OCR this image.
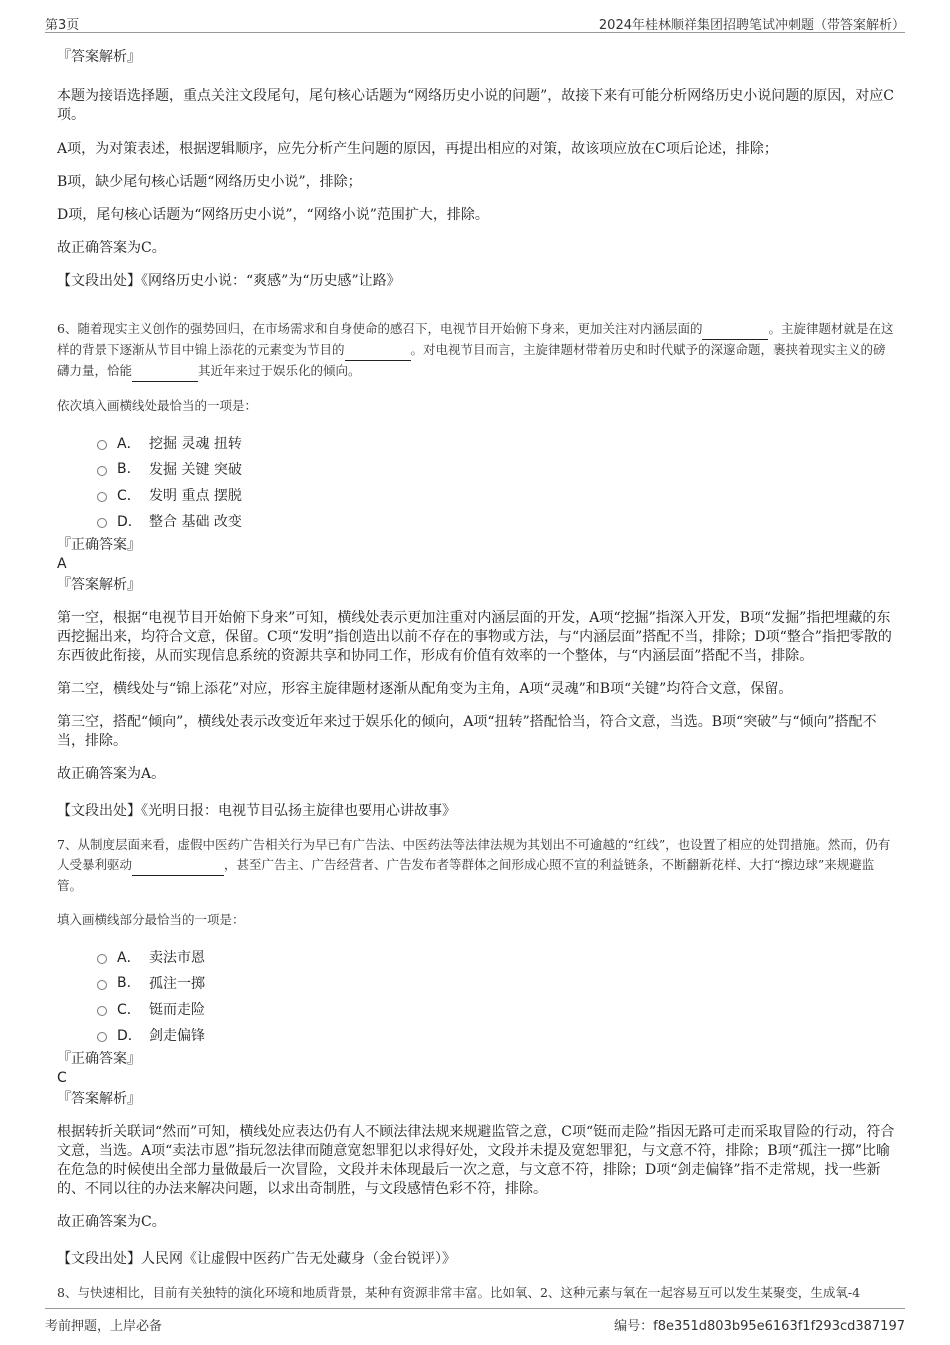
第3页	2024年桂林顺祥集团招聘笔试冲刺题（带答案解析）

『答案解析』

本题为接语选择题，重点关注文段尾句，尾句核心话题为“网络历史小说的问题”，故接下来有可能分析网络历史小说问题的原因，对应C项。

A项，为对策表述，根据逻辑顺序，应先分析产生问题的原因，再提出相应的对策，故该项应放在C项后论述，排除；

B项，缺少尾句核心话题“网络历史小说”，排除；

D项，尾句核心话题为“网络历史小说”，“网络小说”范围扩大，排除。

故正确答案为C。

【文段出处】《网络历史小说：“爽感”为“历史感”让路》

6、随着现实主义创作的强势回归，在市场需求和自身使命的感召下，电视节目开始俯下身来，更加关注对内涵层面的	。主旋律题材就是在这样的背景下逐渐从节目中锦上添花的元素变为节目的	。对电视节目而言，主旋律题材带着历史和时代赋予的深邃命题，裹挟着现实主义的磅礴力量，恰能	其近年来过于娱乐化的倾向。

依次填入画横线处最恰当的一项是：

A． 挖掘 灵魂 扭转
B.	发掘 关键 突破
C． 发明 重点 摆脱
D． 整合 基础 改变

『正确答案』

A

『答案解析』

第一空，根据“电视节目开始俯下身来”可知，横线处表示更加注重对内涵层面的开发，A项“挖掘”指深入开发，B项“发掘”指把埋藏的东西挖掘出来，均符合文意，保留。C项“发明”指创造出以前不存在的事物或方法，与“内涵层面”搭配不当，排除；D项“整合”指把零散的东西彼此衔接，从而实现信息系统的资源共享和协同工作，形成有价值有效率的一个整体，与“内涵层面”搭配不当，排除。

第二空，横线处与“锦上添花”对应，形容主旋律题材逐渐从配角变为主角，A项“灵魂”和B项“关键”均符合文意，保留。

第三空，搭配“倾向”，横线处表示改变近年来过于娱乐化的倾向，A项“扭转”搭配恰当，符合文意，当选。B项“突破”与“倾向”搭配不当，排除。

故正确答案为A。

【文段出处】《光明日报：电视节目弘扬主旋律也要用心讲故事》

7、从制度层面来看，虚假中医药广告相关行为早已有广告法、中医药法等法律法规为其划出不可逾越的“红线”，也设置了相应的处罚措施。然而，仍有人受暴利驱动	，甚至广告主、广告经营者、广告发布者等群体之间形成心照不宣的利益链条，不断翻新花样、大打“擦边球”来规避监管。

填入画横线部分最恰当的一项是：

A． 卖法市恩
B.	孤注一掷
C． 铤而走险
D． 剑走偏锋

『正确答案』

C

『答案解析』

根据转折关联词“然而”可知，横线处应表达仍有人不顾法律法规来规避监管之意，C项“铤而走险”指因无路可走而采取冒险的行动，符合文意，当选。A项“卖法市恩”指玩忽法律而随意宽恕罪犯以求得好处，文段并未提及宽恕罪犯，与文意不符，排除；B项“孤注一掷”比喻在危急的时候使出全部力量做最后一次冒险，文段并未体现最后一次之意，与文意不符，排除；D项“剑走偏锋”指不走常规，找一些新的、不同以往的办法来解决问题，以求出奇制胜，与文段感情色彩不符，排除。

故正确答案为C。

【文段出处】人民网《让虚假中医药广告无处藏身（金台锐评）》

8、与快速相比，目前有关独特的演化环境和地质背景，某种有资源非常丰富。比如氧、2、这种元素与氧在一起容易互可以发生某聚变，生成氧-4

考前押题，上岸必备	编号：f8e351d803b95e6163f1f293cd387197
